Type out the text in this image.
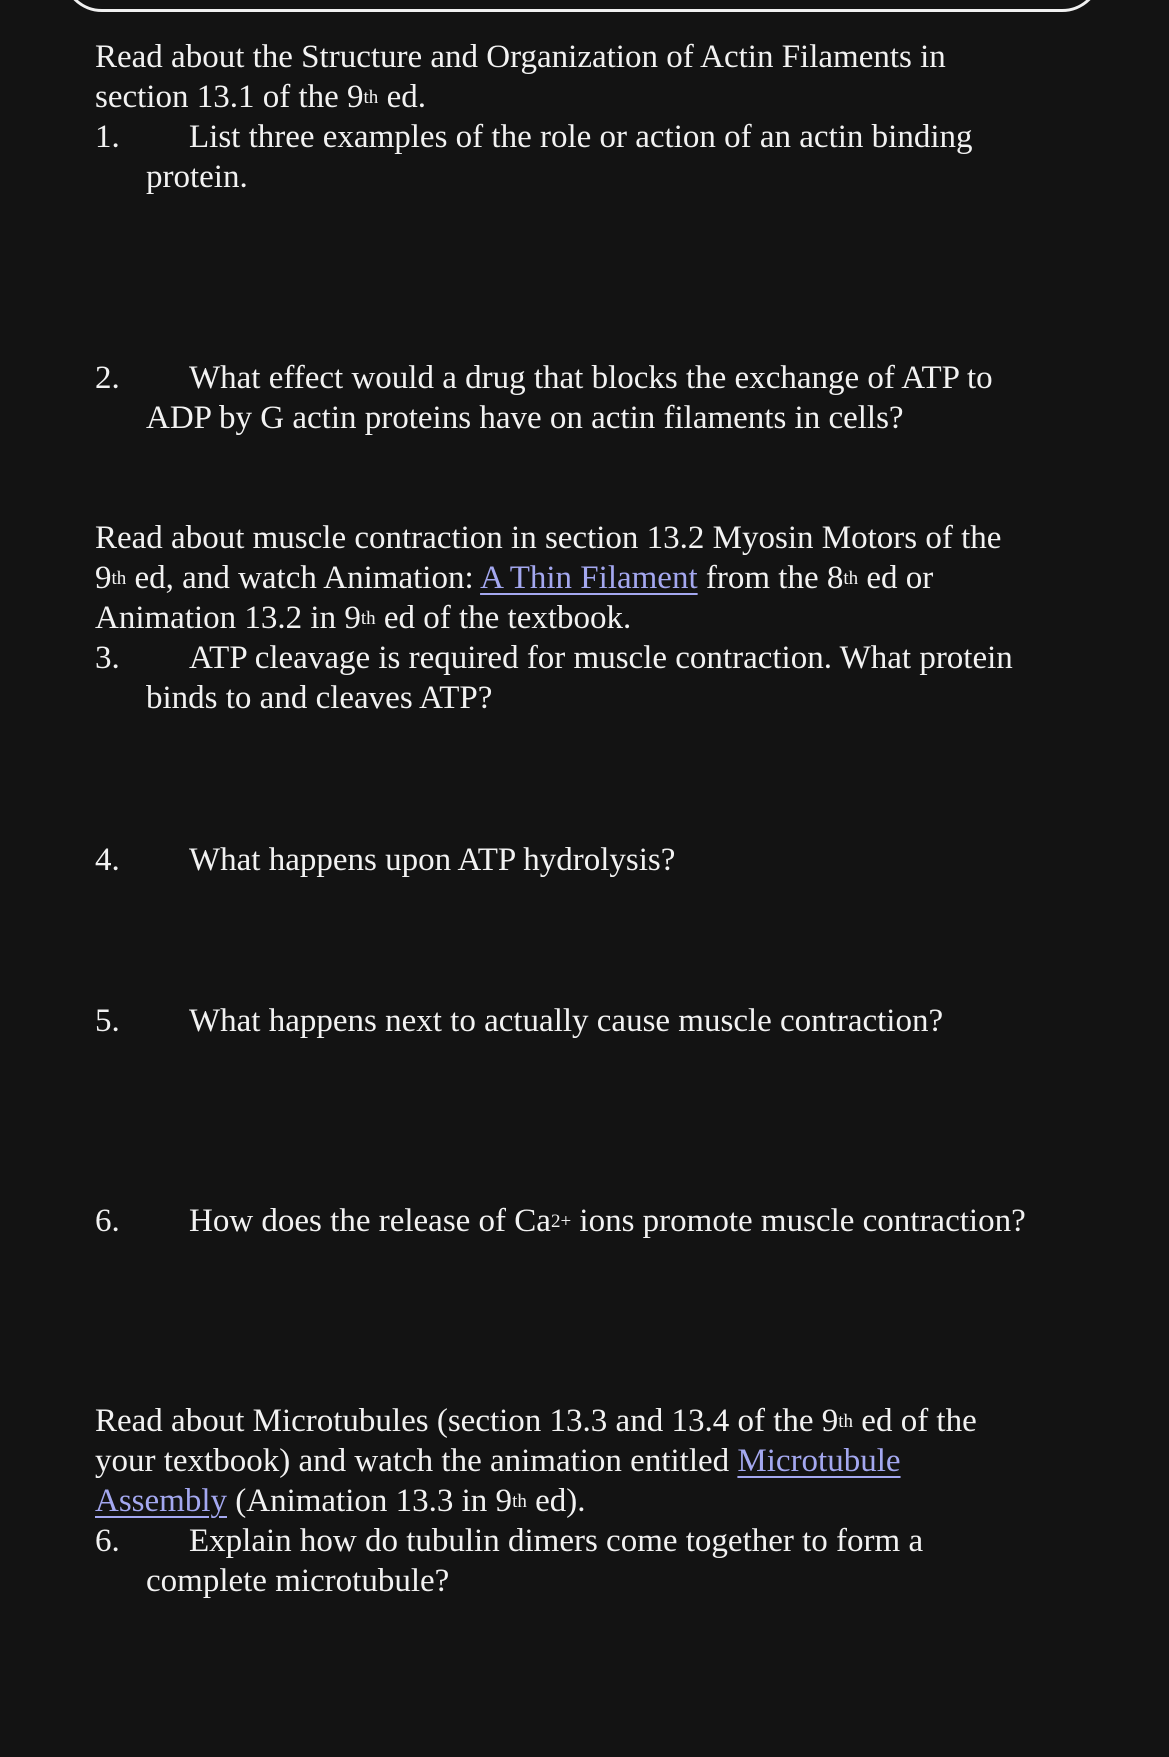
Read about the Structure and Organization of Actin Filaments in
section 13.1 of the 9th ed.
1. List three examples of the role or action of an actin binding
protein.
2. What effect would a drug that blocks the exchange of ATP to
ADP by G actin proteins have on actin filaments in cells?
Read about muscle contraction in section 13.2 Myosin Motors of the
9th ed, and watch Animation: A Thin Filament from the 8th ed or
Animation 13.2 in 9th ed of the textbook.
3. ATP cleavage is required for muscle contraction. What protein
binds to and cleaves ATP?
4. What happens upon ATP hydrolysis?
5. What happens next to actually cause muscle contraction?
6. How does the release of $Ca^{2+}$ ions promote muscle contraction?
Read about Microtubules (section 13.3 and 13.4 of the 9th ed of the
your textbook) and watch the animation entitled Microtubule
Assembly (Animation 13.3 in 9th ed).
6. Explain how do tubulin dimers come together to form a
complete microtubule?
